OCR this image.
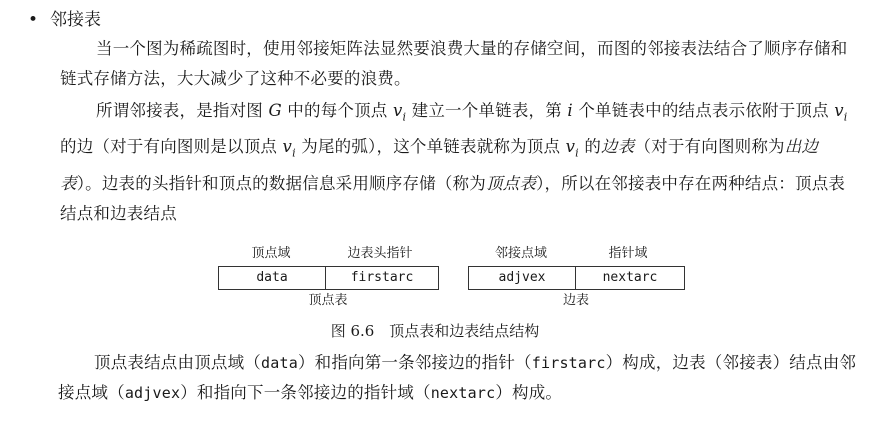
• 邻接表
当一个图为稀疏图时，使用邻接矩阵法显然要浪费大量的存储空间，而图的邻接表法结合了顺序存储和链式存储方法，大大减少了这种不必要的浪费。
所谓邻接表，是指对图 G 中的每个顶点 $v_i$ 建立一个单链表，第 i 个单链表中的结点表示依附于顶点 $v_i$ 的边（对于有向图则是以顶点 $v_i$ 为尾的弧），这个单链表就称为顶点 $v_i$ 的边表（对于有向图则称为出边表）。边表的头指针和顶点的数据信息采用顺序存储（称为顶点表），所以在邻接表中存在两种结点：顶点表结点和边表结点
顶点域	边表头指针
data	firstarc
顶点表
邻接点域	指针域
adjvex	nextarc
边表
图 6.6　顶点表和边表结点结构
顶点表结点由顶点域（data）和指向第一条邻接边的指针（firstarc）构成，边表（邻接表）结点由邻接点域（adjvex）和指向下一条邻接边的指针域（nextarc）构成。
